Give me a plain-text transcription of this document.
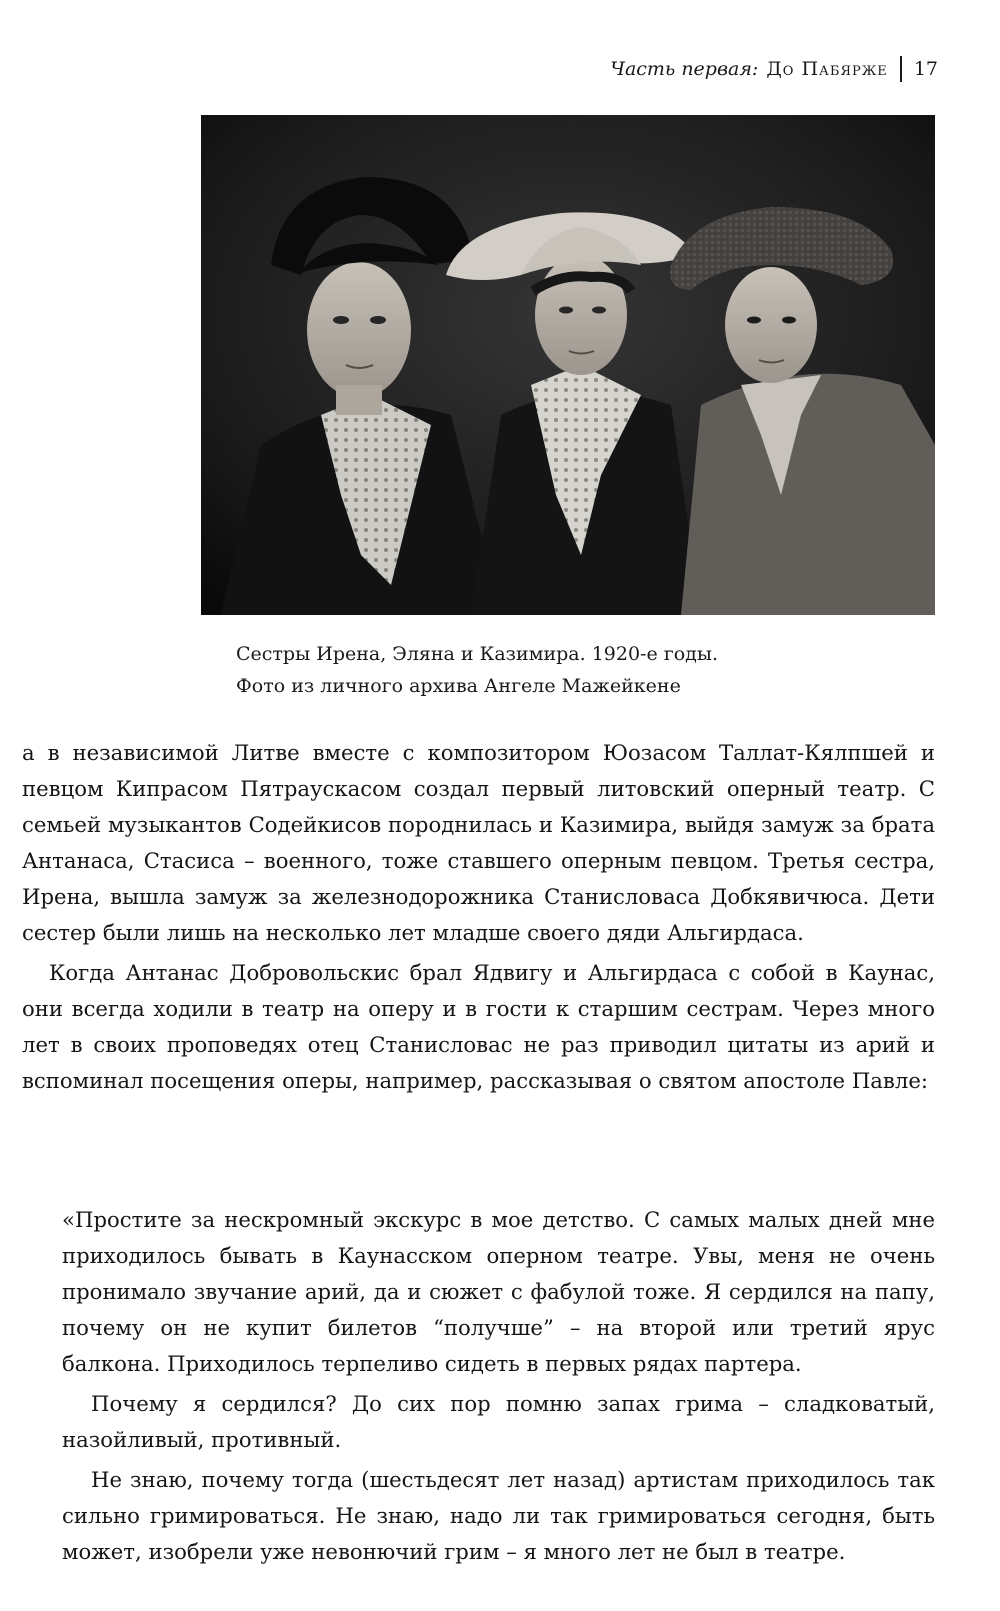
Часть первая: До Пабярже 17
Сестры Ирена, Эляна и Казимира. 1920-е годы.
Фото из личного архива Ангеле Мажейкене

а в независимой Литве вместе с композитором Юозасом Таллат-Кялпшей и певцом Кипрасом Пятраускасом создал первый литовский оперный театр. С семьей музыкантов Содейкисов породнилась и Казимира, выйдя замуж за брата Антанаса, Стасиса – военного, тоже ставшего оперным певцом. Третья сестра, Ирена, вышла замуж за железнодорожника Станисловаса Добкявичюса. Дети сестер были лишь на несколько лет младше своего дяди Альгирдаса.

Когда Антанас Добровольскис брал Ядвигу и Альгирдаса с собой в Каунас, они всегда ходили в театр на оперу и в гости к старшим сестрам. Через много лет в своих проповедях отец Станисловас не раз приводил цитаты из арий и вспоминал посещения оперы, например, рассказывая о святом апостоле Павле:

«Простите за нескромный экскурс в мое детство. С самых малых дней мне приходилось бывать в Каунасском оперном театре. Увы, меня не очень пронимало звучание арий, да и сюжет с фабулой тоже. Я сердился на папу, почему он не купит билетов “получше” – на второй или третий ярус балкона. Приходилось терпеливо сидеть в первых рядах партера.

Почему я сердился? До сих пор помню запах грима – сладковатый, назойливый, противный.

Не знаю, почему тогда (шестьдесят лет назад) артистам приходилось так сильно гримироваться. Не знаю, надо ли так гримироваться сегодня, быть может, изобрели уже невонючий грим – я много лет не был в театре.
